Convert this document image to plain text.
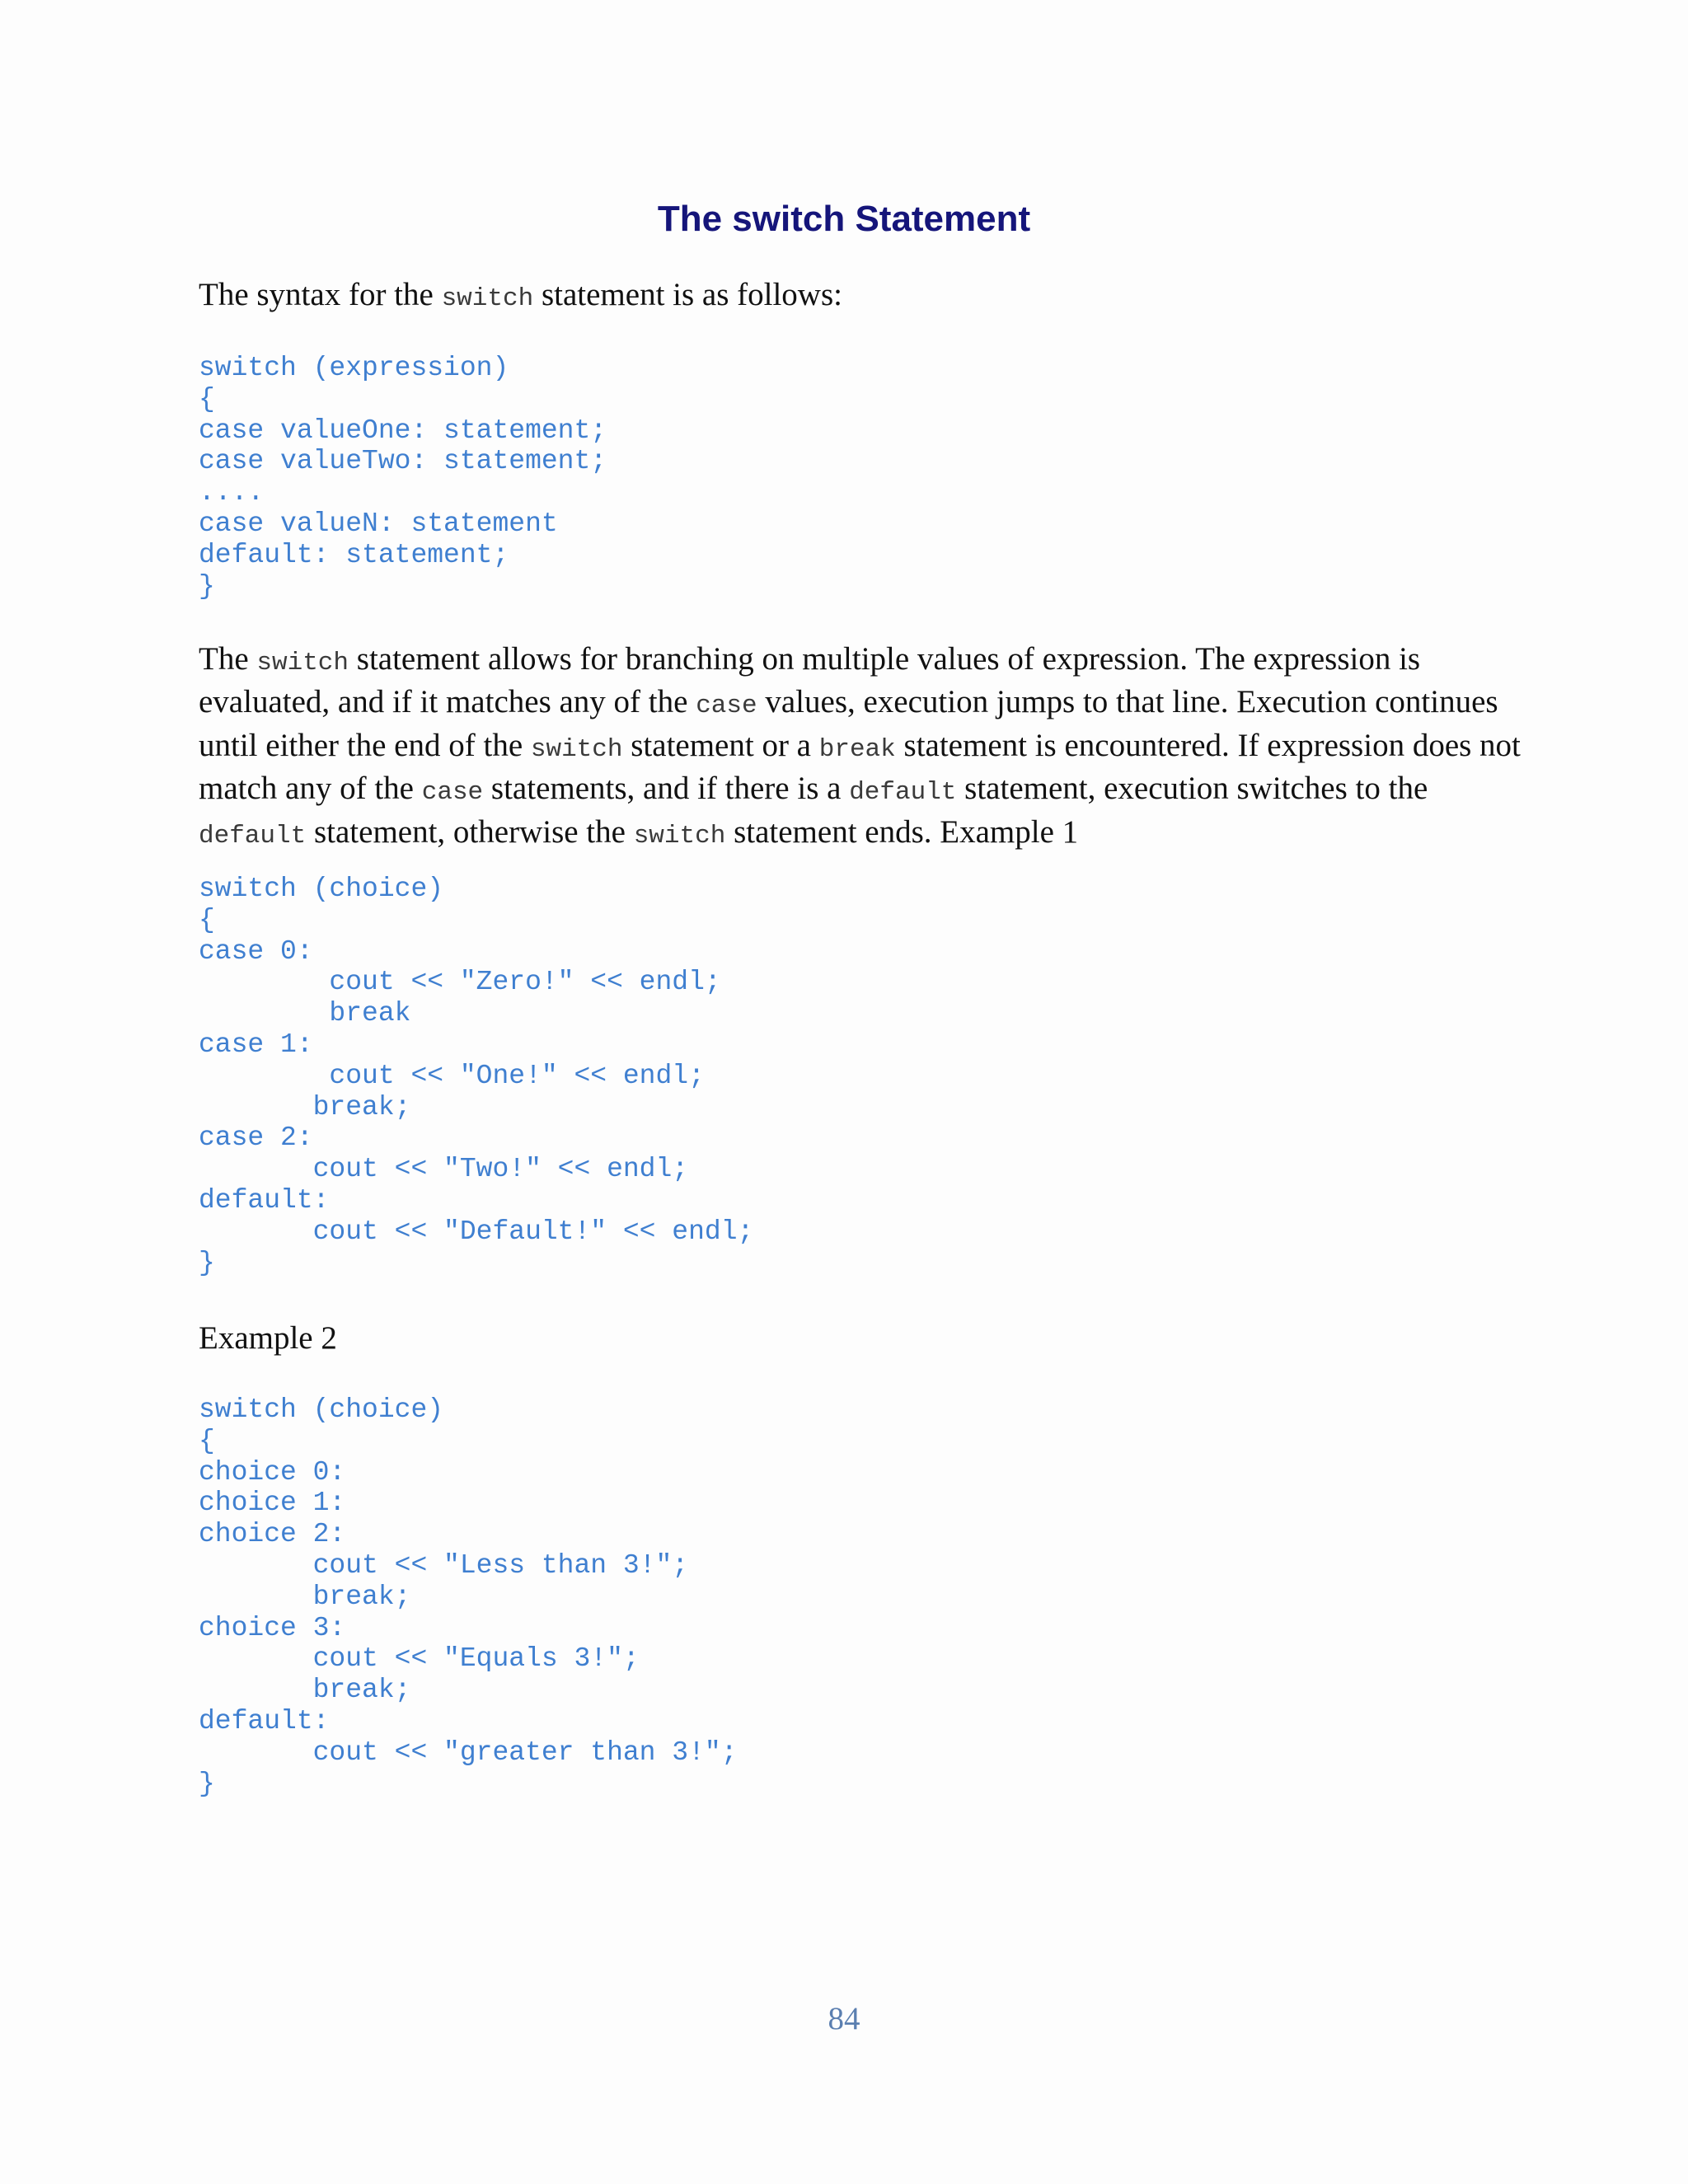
The switch Statement

The syntax for the switch statement is as follows:

switch (expression)
{
case valueOne: statement;
case valueTwo: statement;
....
case valueN: statement
default: statement;
}

The switch statement allows for branching on multiple values of expression. The expression is evaluated, and if it matches any of the case values, execution jumps to that line. Execution continues until either the end of the switch statement or a break statement is encountered. If expression does not match any of the case statements, and if there is a default statement, execution switches to the default statement, otherwise the switch statement ends. Example 1

switch (choice)
{
case 0:
cout << "Zero!" << endl;
break
case 1:
cout << "One!" << endl;
break;
case 2:
cout << "Two!" << endl;
default:
cout << "Default!" << endl;
}

Example 2

switch (choice)
{
choice 0:
choice 1:
choice 2:
cout << "Less than 3!";
break;
choice 3:
cout << "Equals 3!";
break;
default:
cout << "greater than 3!";
}

84
